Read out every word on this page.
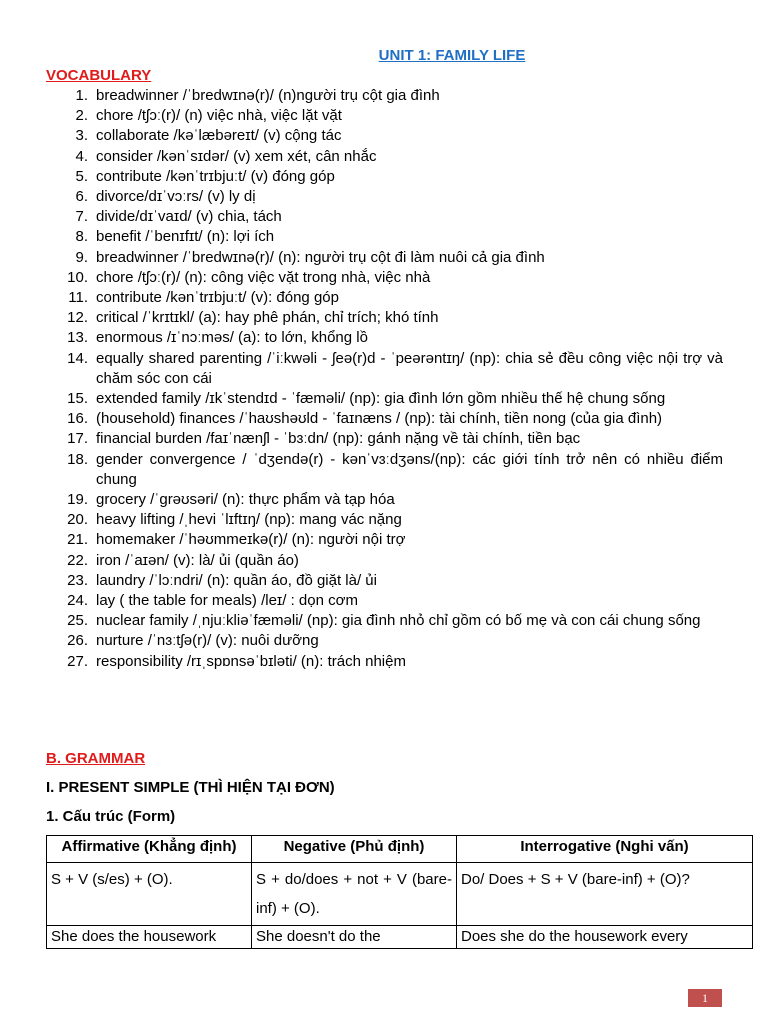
UNIT 1: FAMILY LIFE
VOCABULARY
1. breadwinner /ˈbredwɪnə(r)/ (n)người trụ cột gia đình
2. chore /tʃɔː(r)/ (n) việc nhà, việc lặt vặt
3. collaborate /kəˈlæbəreɪt/ (v) cộng tác
4. consider /kənˈsɪdər/ (v) xem xét, cân nhắc
5. contribute /kənˈtrɪbjuːt/ (v) đóng góp
6. divorce/dɪˈvɔːrs/ (v) ly dị
7. divide/dɪˈvaɪd/ (v) chia, tách
8. benefit /ˈbenɪfɪt/ (n): lợi ích
9. breadwinner /ˈbredwɪnə(r)/ (n): người trụ cột đi làm nuôi cả gia đình
10. chore /tʃɔː(r)/ (n): công việc vặt trong nhà, việc nhà
11. contribute /kənˈtrɪbjuːt/ (v): đóng góp
12. critical /ˈkrɪtɪkl/ (a): hay phê phán, chỉ trích; khó tính
13. enormous /ɪˈnɔːməs/ (a): to lớn, khổng lồ
14. equally shared parenting /ˈiːkwəli - ʃeə(r)d - ˈpeərəntɪŋ/ (np): chia sẻ đều công việc nội trợ và chăm sóc con cái
15. extended family /ɪkˈstendɪd - ˈfæməli/ (np): gia đình lớn gồm nhiều thế hệ chung sống
16. (household) finances /ˈhaʊshəʊld - ˈfaɪnæns / (np): tài chính, tiền nong (của gia đình)
17. financial burden /faɪˈnænʃl - ˈbɜːdn/ (np): gánh nặng về tài chính, tiền bạc
18. gender convergence / ˈdʒendə(r) - kənˈvɜːdʒəns/(np): các giới tính trở nên có nhiều điểm chung
19. grocery /ˈɡrəʊsəri/ (n): thực phẩm và tạp hóa
20. heavy lifting /ˌhevi ˈlɪftɪŋ/ (np): mang vác nặng
21. homemaker /ˈhəʊmmeɪkə(r)/ (n): người nội trợ
22. iron /ˈaɪən/ (v): là/ ủi (quần áo)
23. laundry /ˈlɔːndri/ (n): quần áo, đồ giặt là/ ủi
24. lay ( the table for meals) /leɪ/ : dọn cơm
25. nuclear family /ˌnjuːkliəˈfæməli/ (np): gia đình nhỏ chỉ gồm có bố mẹ và con cái chung sống
26. nurture /ˈnɜːtʃə(r)/ (v): nuôi dưỡng
27. responsibility /rɪˌspɒnsəˈbɪləti/ (n): trách nhiệm
B. GRAMMAR
I. PRESENT SIMPLE (THÌ HIỆN TẠI ĐƠN)
1. Cấu trúc (Form)
Affirmative (Khẳng định)	Negative (Phủ định)	Interrogative (Nghi vấn)
S + V (s/es) + (O).	S + do/does + not + V (bare- inf) + (O).	Do/ Does + S + V (bare-inf) + (O)?
She does the housework	She doesn't do the	Does she do the housework every
1
